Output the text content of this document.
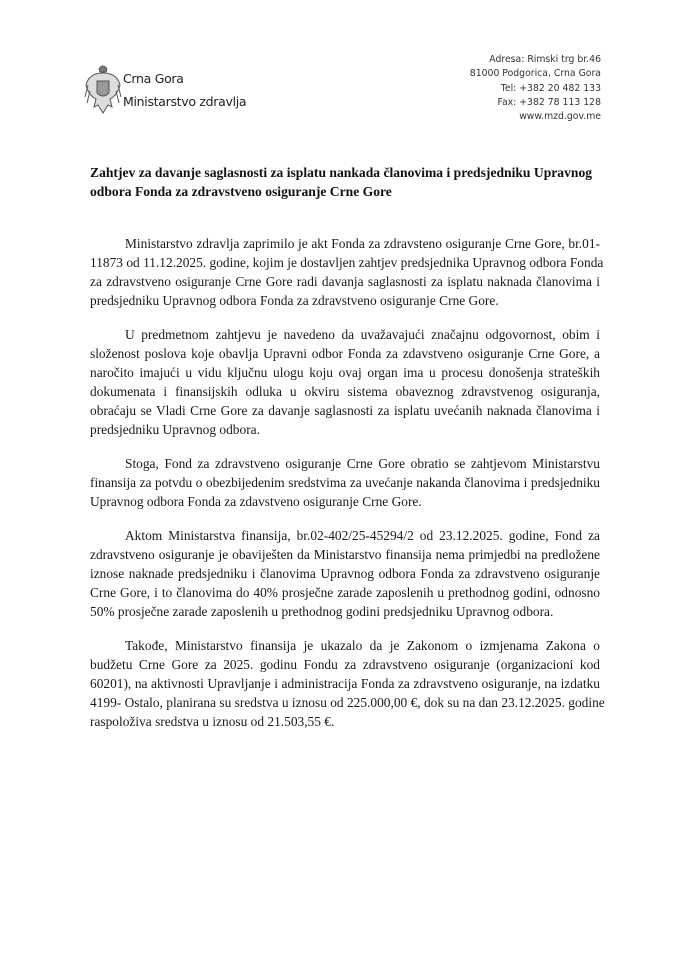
Crna Gora
Ministarstvo zdravlja
Adresa: Rimski trg br.46
81000 Podgorica, Crna Gora
Tel: +382 20 482 133
Fax: +382 78 113 128
www.mzd.gov.me
Zahtjev za davanje saglasnosti za isplatu nankada članovima i predsjedniku Upravnog
odbora Fonda za zdravstveno osiguranje Crne Gore
Ministarstvo zdravlja zaprimilo je akt Fonda za zdravsteno osiguranje Crne Gore, br.01-
11873 od 11.12.2025. godine, kojim je dostavljen zahtjev predsjednika Upravnog odbora Fonda
za zdravstveno osiguranje Crne Gore radi davanja saglasnosti za isplatu naknada članovima i
predsjedniku Upravnog odbora Fonda za zdravstveno osiguranje Crne Gore.
U predmetnom zahtjevu je navedeno da uvažavajući značajnu odgovornost, obim i
složenost poslova koje obavlja Upravni odbor Fonda za zdavstveno osiguranje Crne Gore, a
naročito imajući u vidu ključnu ulogu koju ovaj organ ima u procesu donošenja strateških
dokumenata i finansijskih odluka u okviru sistema obaveznog zdravstvenog osiguranja,
obraćaju se Vladi Crne Gore za davanje saglasnosti za isplatu uvećanih naknada članovima i
predsjedniku Upravnog odbora.
Stoga, Fond za zdravstveno osiguranje Crne Gore obratio se zahtjevom Ministarstvu
finansija za potvdu o obezbijedenim sredstvima za uvećanje nakanda članovima i predsjedniku
Upravnog odbora Fonda za zdavstveno osiguranje Crne Gore.
Aktom Ministarstva finansija, br.02-402/25-45294/2 od 23.12.2025. godine, Fond za
zdravstveno osiguranje je obaviješten da Ministarstvo finansija nema primjedbi na predložene
iznose naknade predsjedniku i članovima Upravnog odbora Fonda za zdravstveno osiguranje
Crne Gore, i to članovima do 40% prosječne zarade zaposlenih u prethodnog godini, odnosno
50% prosječne zarade zaposlenih u prethodnog godini predsjedniku Upravnog odbora.
Takođe, Ministarstvo finansija je ukazalo da je Zakonom o izmjenama Zakona o
budžetu Crne Gore za 2025. godinu Fondu za zdravstveno osiguranje (organizacioni kod
60201), na aktivnosti Upravljanje i administracija Fonda za zdravstveno osiguranje, na izdatku
4199- Ostalo, planirana su sredstva u iznosu od 225.000,00 €, dok su na dan 23.12.2025. godine
raspoloživa sredstva u iznosu od 21.503,55 €.
